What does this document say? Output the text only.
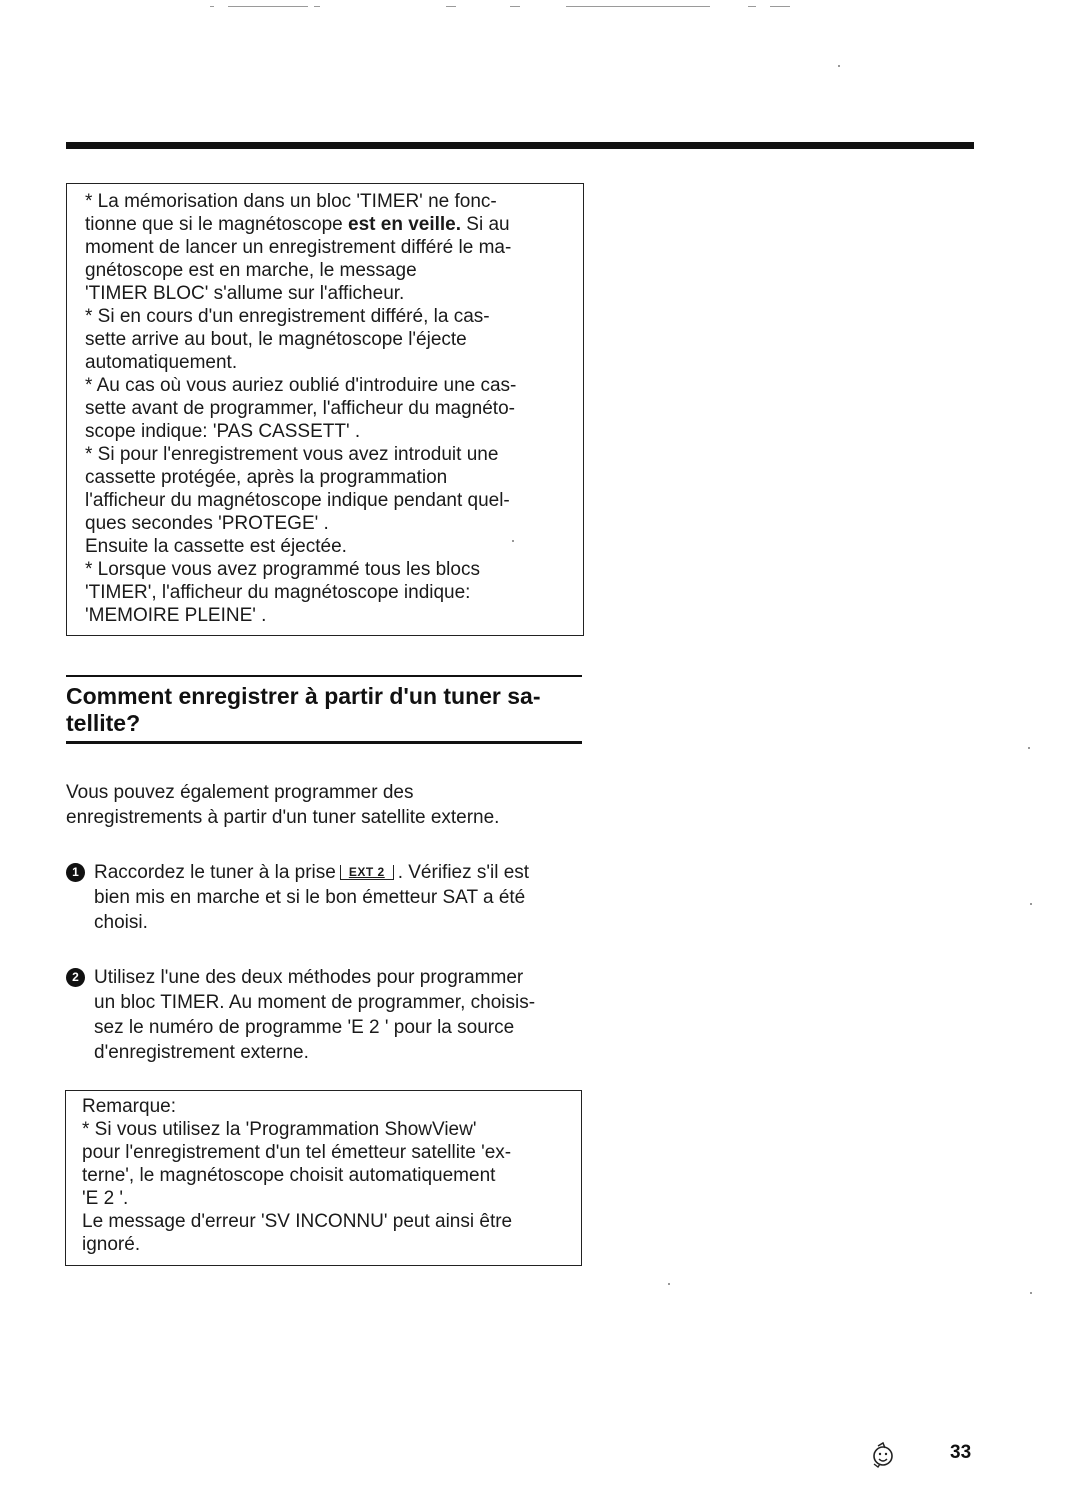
* La mémorisation dans un bloc 'TIMER' ne fonc-

tionne que si le magnétoscope est en veille. Si au

moment de lancer un enregistrement différé le ma-

gnétoscope est en marche, le message

'TIMER BLOC' s'allume sur l'afficheur.

* Si en cours d'un enregistrement différé, la cas-

sette arrive au bout, le magnétoscope l'éjecte

automatiquement.

* Au cas où vous auriez oublié d'introduire une cas-

sette avant de programmer, l'afficheur du magnéto-

scope indique: 'PAS CASSETT' .

* Si pour l'enregistrement vous avez introduit une

cassette protégée, après la programmation

l'afficheur du magnétoscope indique pendant quel-

ques secondes 'PROTEGE' .

Ensuite la cassette est éjectée.

* Lorsque vous avez programmé tous les blocs

'TIMER', l'afficheur du magnétoscope indique:

'MEMOIRE PLEINE' .

Comment enregistrer à partir d'un tuner sa-
tellite?

Vous pouvez également programmer des
enregistrements à partir d'un tuner satellite externe.

1 Raccordez le tuner à la prise EXT 2 . Vérifiez s'il est
bien mis en marche et si le bon émetteur SAT a été
choisi.

2 Utilisez l'une des deux méthodes pour programmer
un bloc TIMER. Au moment de programmer, choisis-
sez le numéro de programme 'E 2 ' pour la source
d'enregistrement externe.

Remarque:

* Si vous utilisez la 'Programmation ShowView'

pour l'enregistrement d'un tel émetteur satellite 'ex-

terne', le magnétoscope choisit automatiquement

'E 2 '.

Le message d'erreur 'SV INCONNU' peut ainsi être

ignoré.

33
